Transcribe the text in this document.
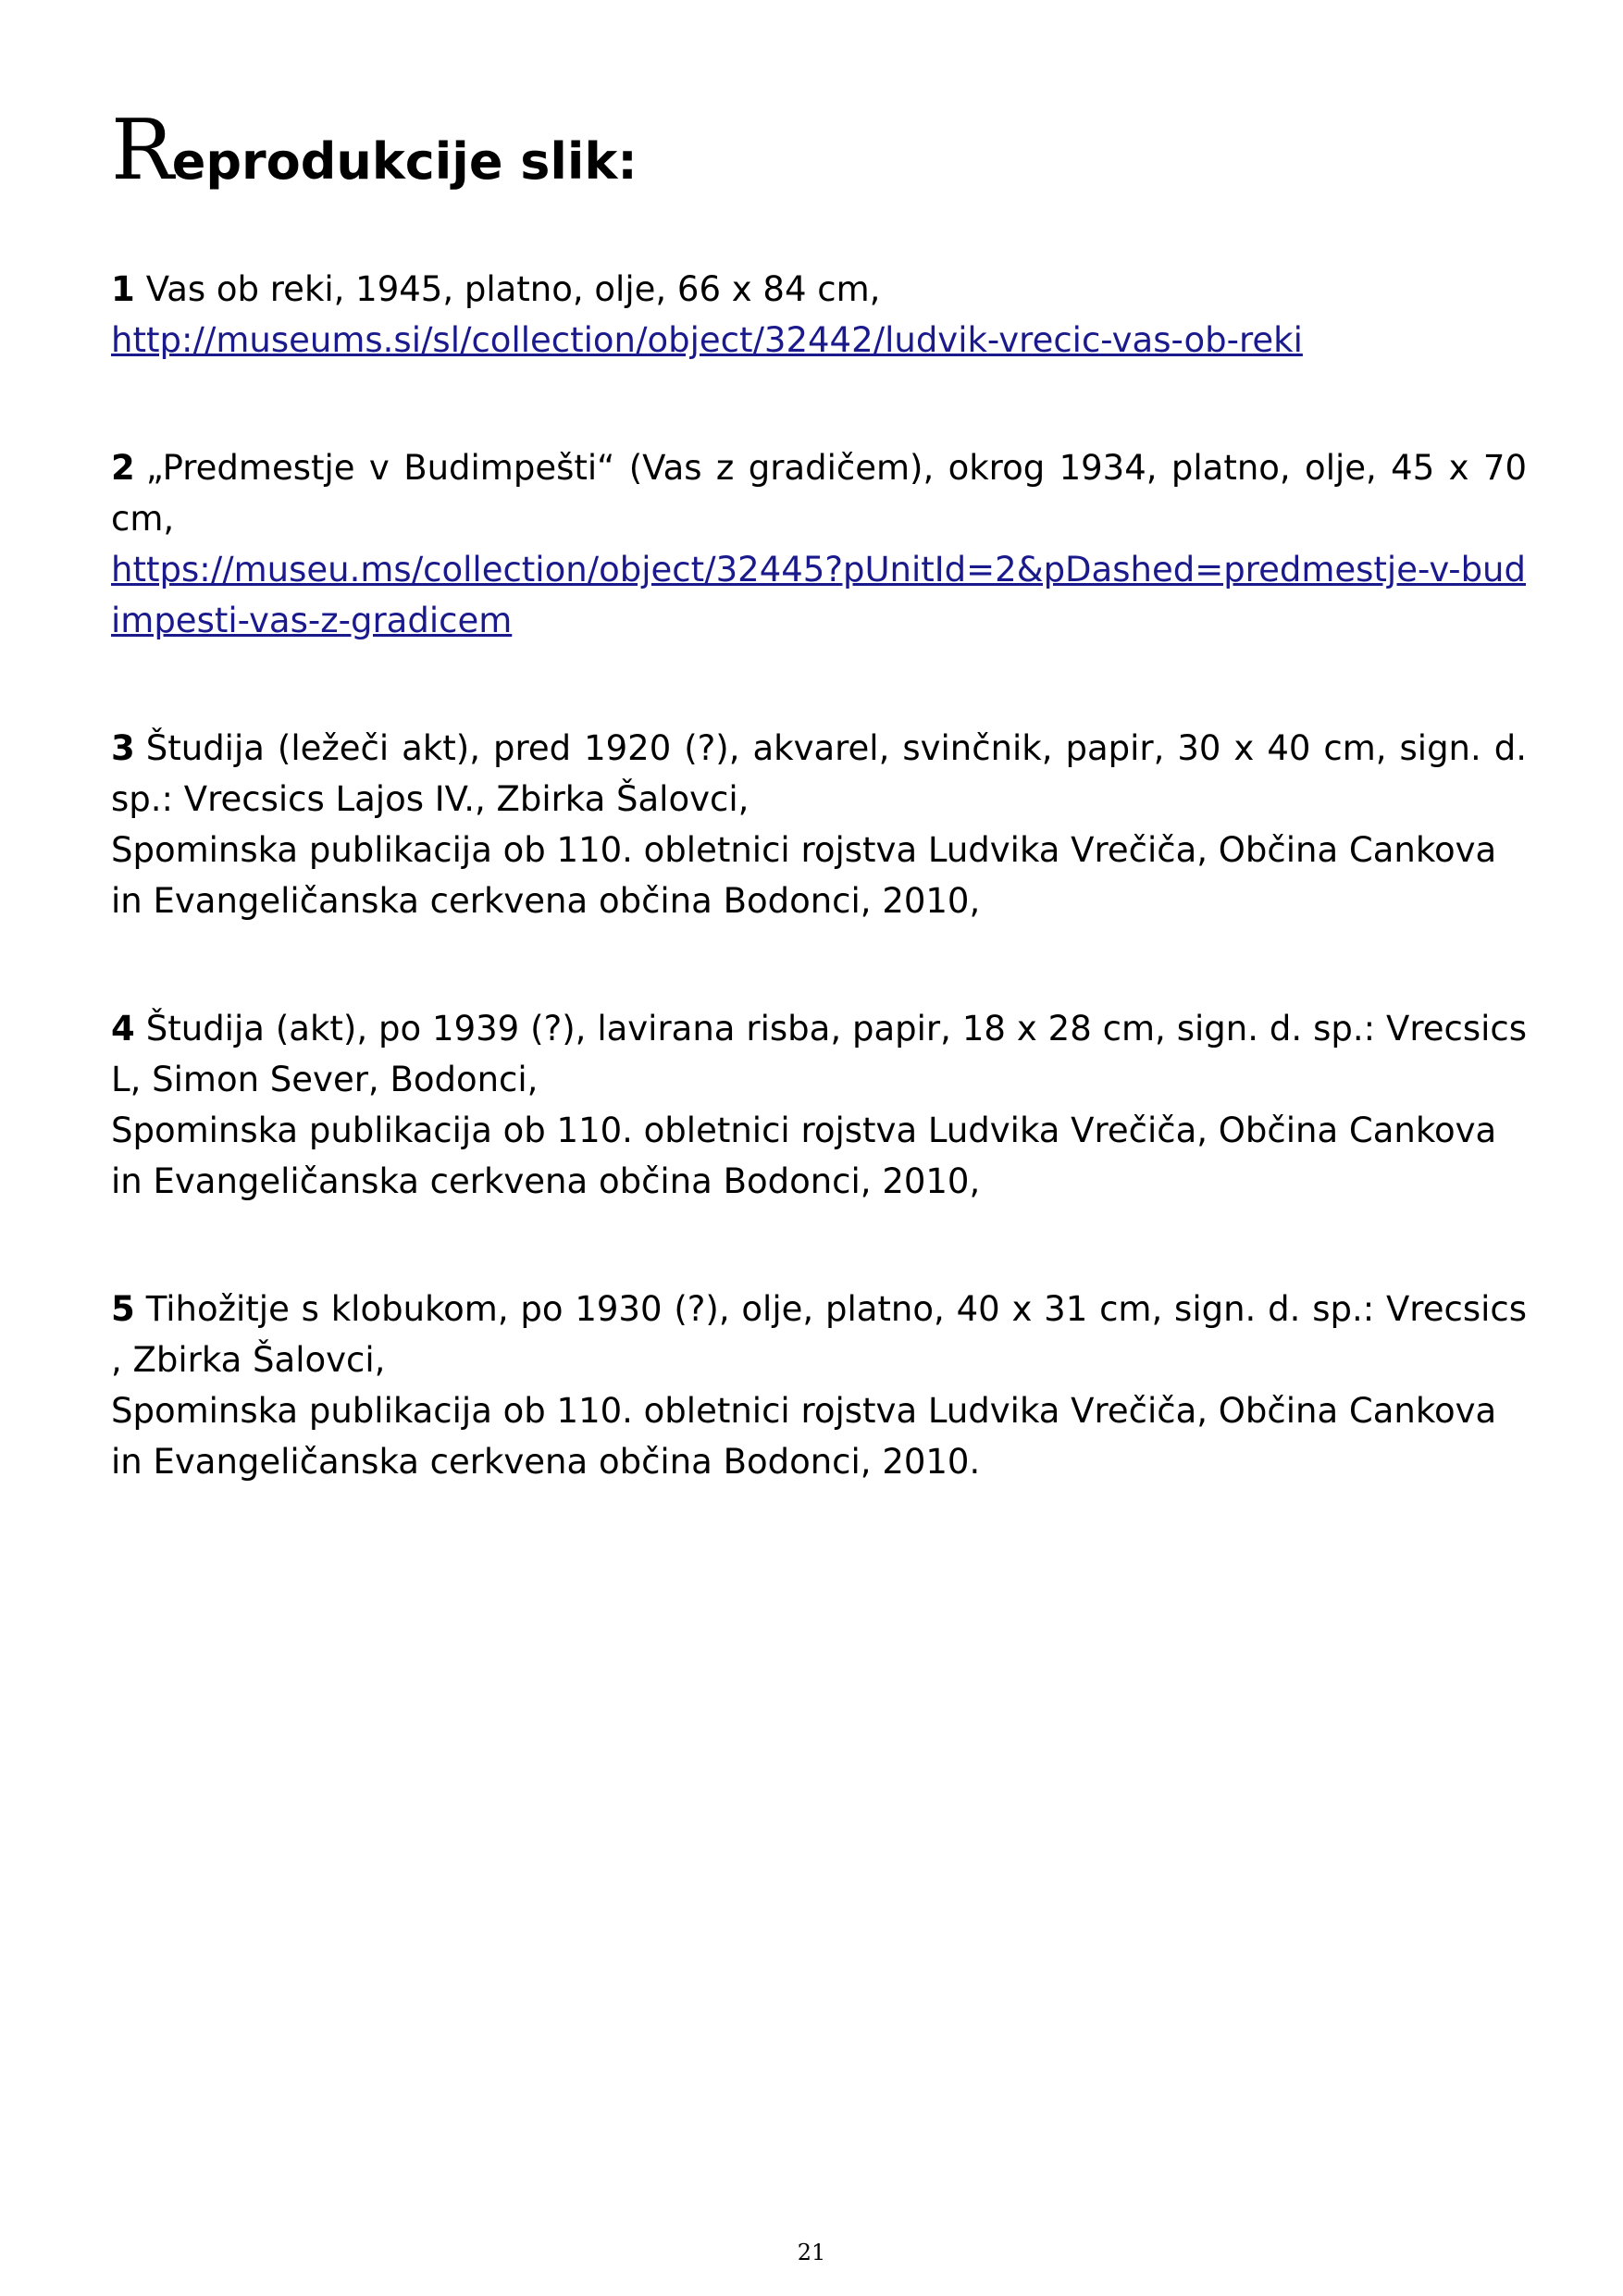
Reprodukcije slik:

1 Vas ob reki, 1945, platno, olje, 66 x 84 cm,
http://museums.si/sl/collection/object/32442/ludvik-vrecic-vas-ob-reki

2 „Predmestje v Budimpešti“ (Vas z gradičem), okrog 1934, platno, olje, 45 x 70 cm,
https://museu.ms/collection/object/32445?pUnitId=2&pDashed=predmestje-v-budimpesti-vas-z-gradicem

3 Študija (ležeči akt), pred 1920 (?), akvarel, svinčnik, papir, 30 x 40 cm, sign. d. sp.: Vrecsics Lajos IV., Zbirka Šalovci,
Spominska publikacija ob 110. obletnici rojstva Ludvika Vrečiča, Občina Cankova in Evangeličanska cerkvena občina Bodonci, 2010,

4 Študija (akt), po 1939 (?), lavirana risba, papir, 18 x 28 cm, sign. d. sp.: Vrecsics L, Simon Sever, Bodonci,
Spominska publikacija ob 110. obletnici rojstva Ludvika Vrečiča, Občina Cankova in Evangeličanska cerkvena občina Bodonci, 2010,

5 Tihožitje s klobukom, po 1930 (?), olje, platno, 40 x 31 cm, sign. d. sp.: Vrecsics , Zbirka Šalovci,
Spominska publikacija ob 110. obletnici rojstva Ludvika Vrečiča, Občina Cankova in Evangeličanska cerkvena občina Bodonci, 2010.

21
